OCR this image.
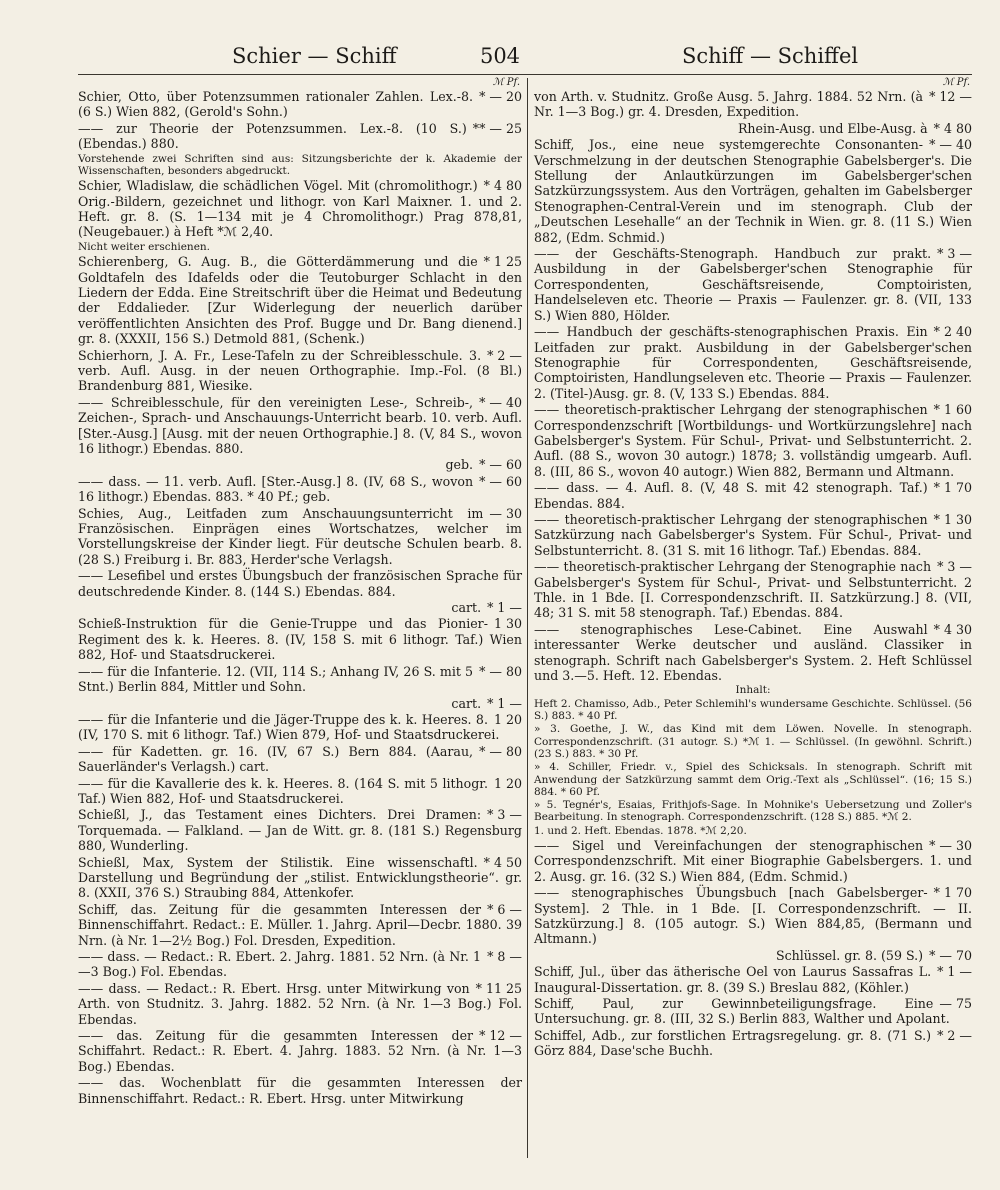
Schier — Schiff	504	Schiff — Schiffel
ℳ Pf.
* — 20
Schier, Otto, über Potenzsummen rationaler Zahlen. Lex.-8. (6 S.) Wien 882, (Gerold's Sohn.)
** — 25
—— zur Theorie der Potenzsummen. Lex.-8. (10 S.) (Ebendas.) 880.
Vorstehende zwei Schriften sind aus: Sitzungsberichte der k. Akademie der Wissenschaften, besonders abgedruckt.
* 4 80
Schier, Wladislaw, die schädlichen Vögel. Mit (chromolithogr.) Orig.-Bildern, gezeichnet und lithogr. von Karl Maixner. 1. und 2. Heft. gr. 8. (S. 1—134 mit je 4 Chromolithogr.) Prag 878,81, (Neugebauer.) à Heft *ℳ 2,40.
Nicht weiter erschienen.
* 1 25
Schierenberg, G. Aug. B., die Götterdämmerung und die Goldtafeln des Idafelds oder die Teutoburger Schlacht in den Liedern der Edda. Eine Streitschrift über die Heimat und Bedeutung der Eddalieder. [Zur Widerlegung der neuerlich darüber veröffentlichten Ansichten des Prof. Bugge und Dr. Bang dienend.] gr. 8. (XXXII, 156 S.) Detmold 881, (Schenk.)
* 2 —
Schierhorn, J. A. Fr., Lese-Tafeln zu der Schreiblesschule. 3. verb. Aufl. Ausg. in der neuen Orthographie. Imp.-Fol. (8 Bl.) Brandenburg 881, Wiesike.
* — 40
—— Schreiblesschule, für den vereinigten Lese-, Schreib-, Zeichen-, Sprach- und Anschauungs-Unterricht bearb. 10. verb. Aufl. [Ster.-Ausg.] [Ausg. mit der neuen Orthographie.] 8. (V, 84 S., wovon 16 lithogr.) Ebendas. 880.
* — 60
geb.
* — 60
—— dass. — 11. verb. Aufl. [Ster.-Ausg.] 8. (IV, 68 S., wovon 16 lithogr.) Ebendas. 883. * 40 Pf.; geb.
— 30
Schies, Aug., Leitfaden zum Anschauungsunterricht im Französischen. Einprägen eines Wortschatzes, welcher im Vorstellungskreise der Kinder liegt. Für deutsche Schulen bearb. 8. (28 S.) Freiburg i. Br. 883, Herder'sche Verlagsh.
—— Lesefibel und erstes Übungsbuch der französischen Sprache für deutschredende Kinder. 8. (144 S.) Ebendas. 884.
* 1 —
cart.
1 30
Schieß-Instruktion für die Genie-Truppe und das Pionier-Regiment des k. k. Heeres. 8. (IV, 158 S. mit 6 lithogr. Taf.) Wien 882, Hof- und Staatsdruckerei.
* — 80
—— für die Infanterie. 12. (VII, 114 S.; Anhang IV, 26 S. mit 5 Stnt.) Berlin 884, Mittler und Sohn.
* 1 —
cart.
1 20
—— für die Infanterie und die Jäger-Truppe des k. k. Heeres. 8. (IV, 170 S. mit 6 lithogr. Taf.) Wien 879, Hof- und Staatsdruckerei.
* — 80
—— für Kadetten. gr. 16. (IV, 67 S.) Bern 884. (Aarau, Sauerländer's Verlagsh.) cart.
1 20
—— für die Kavallerie des k. k. Heeres. 8. (164 S. mit 5 lithogr. Taf.) Wien 882, Hof- und Staatsdruckerei.
* 3 —
Schießl, J., das Testament eines Dichters. Drei Dramen: Torquemada. — Falkland. — Jan de Witt. gr. 8. (181 S.) Regensburg 880, Wunderling.
* 4 50
Schießl, Max, System der Stilistik. Eine wissenschaftl. Darstellung und Begründung der „stilist. Entwicklungstheorie“. gr. 8. (XXII, 376 S.) Straubing 884, Attenkofer.
* 6 —
Schiff, das. Zeitung für die gesammten Interessen der Binnenschiffahrt. Redact.: E. Müller. 1. Jahrg. April—Decbr. 1880. 39 Nrn. (à Nr. 1—2½ Bog.) Fol. Dresden, Expedition.
* 8 —
—— dass. — Redact.: R. Ebert. 2. Jahrg. 1881. 52 Nrn. (à Nr. 1—3 Bog.) Fol. Ebendas.
* 11 25
—— dass. — Redact.: R. Ebert. Hrsg. unter Mitwirkung von Arth. von Studnitz. 3. Jahrg. 1882. 52 Nrn. (à Nr. 1—3 Bog.) Fol. Ebendas.
* 12 —
—— das. Zeitung für die gesammten Interessen der Schiffahrt. Redact.: R. Ebert. 4. Jahrg. 1883. 52 Nrn. (à Nr. 1—3 Bog.) Ebendas.
—— das. Wochenblatt für die gesammten Interessen der Binnenschiffahrt. Redact.: R. Ebert. Hrsg. unter Mitwirkung
ℳ Pf.
* 12 —
von Arth. v. Studnitz. Große Ausg. 5. Jahrg. 1884. 52 Nrn. (à Nr. 1—3 Bog.) gr. 4. Dresden, Expedition.
* 4 80
Rhein-Ausg. und Elbe-Ausg. à
* — 40
Schiff, Jos., eine neue systemgerechte Consonanten-Verschmelzung in der deutschen Stenographie Gabelsberger's. Die Stellung der Anlautkürzungen im Gabelsberger'schen Satzkürzungssystem. Aus den Vorträgen, gehalten im Gabelsberger Stenographen-Central-Verein und im stenograph. Club der „Deutschen Lesehalle“ an der Technik in Wien. gr. 8. (11 S.) Wien 882, (Edm. Schmid.)
* 3 —
—— der Geschäfts-Stenograph. Handbuch zur prakt. Ausbildung in der Gabelsberger'schen Stenographie für Correspondenten, Geschäftsreisende, Comptoiristen, Handelseleven etc. Theorie — Praxis — Faulenzer. gr. 8. (VII, 133 S.) Wien 880, Hölder.
* 2 40
—— Handbuch der geschäfts-stenographischen Praxis. Ein Leitfaden zur prakt. Ausbildung in der Gabelsberger'schen Stenographie für Correspondenten, Geschäftsreisende, Comptoiristen, Handlungseleven etc. Theorie — Praxis — Faulenzer. 2. (Titel-)Ausg. gr. 8. (V, 133 S.) Ebendas. 884.
* 1 60
—— theoretisch-praktischer Lehrgang der stenographischen Correspondenzschrift [Wortbildungs- und Wortkürzungslehre] nach Gabelsberger's System. Für Schul-, Privat- und Selbstunterricht. 2. Aufl. (88 S., wovon 30 autogr.) 1878; 3. vollständig umgearb. Aufl. 8. (III, 86 S., wovon 40 autogr.) Wien 882, Bermann und Altmann.
* 1 70
—— dass. — 4. Aufl. 8. (V, 48 S. mit 42 stenograph. Taf.) Ebendas. 884.
* 1 30
—— theoretisch-praktischer Lehrgang der stenographischen Satzkürzung nach Gabelsberger's System. Für Schul-, Privat- und Selbstunterricht. 8. (31 S. mit 16 lithogr. Taf.) Ebendas. 884.
* 3 —
—— theoretisch-praktischer Lehrgang der Stenographie nach Gabelsberger's System für Schul-, Privat- und Selbstunterricht. 2 Thle. in 1 Bde. [I. Correspondenzschrift. II. Satzkürzung.] 8. (VII, 48; 31 S. mit 58 stenograph. Taf.) Ebendas. 884.
* 4 30
—— stenographisches Lese-Cabinet. Eine Auswahl interessanter Werke deutscher und ausländ. Classiker in stenograph. Schrift nach Gabelsberger's System. 2. Heft Schlüssel und 3.—5. Heft. 12. Ebendas.
Inhalt:
Heft 2. Chamisso, Adb., Peter Schlemihl's wundersame Geschichte. Schlüssel. (56 S.) 883. * 40 Pf.
» 3. Goethe, J. W., das Kind mit dem Löwen. Novelle. In stenograph. Correspondenzschrift. (31 autogr. S.) *ℳ 1. — Schlüssel. (In gewöhnl. Schrift.) (23 S.) 883. * 30 Pf.
» 4. Schiller, Friedr. v., Spiel des Schicksals. In stenograph. Schrift mit Anwendung der Satzkürzung sammt dem Orig.-Text als „Schlüssel“. (16; 15 S.) 884. * 60 Pf.
» 5. Tegnér's, Esaias, Frithjofs-Sage. In Mohnike's Uebersetzung und Zoller's Bearbeitung. In stenograph. Correspondenzschrift. (128 S.) 885. *ℳ 2.
1. und 2. Heft. Ebendas. 1878. *ℳ 2,20.
* — 30
—— Sigel und Vereinfachungen der stenographischen Correspondenzschrift. Mit einer Biographie Gabelsbergers. 1. und 2. Ausg. gr. 16. (32 S.) Wien 884, (Edm. Schmid.)
* 1 70
—— stenographisches Übungsbuch [nach Gabelsberger-System]. 2 Thle. in 1 Bde. [I. Correspondenzschrift. — II. Satzkürzung.] 8. (105 autogr. S.) Wien 884,85, (Bermann und Altmann.)
* — 70
Schlüssel. gr. 8. (59 S.)
* 1 —
Schiff, Jul., über das ätherische Oel von Laurus Sassafras L. Inaugural-Dissertation. gr. 8. (39 S.) Breslau 882, (Köhler.)
— 75
Schiff, Paul, zur Gewinnbeteiligungsfrage. Eine Untersuchung. gr. 8. (III, 32 S.) Berlin 883, Walther und Apolant.
* 2 —
Schiffel, Adb., zur forstlichen Ertragsregelung. gr. 8. (71 S.) Görz 884, Dase'sche Buchh.
